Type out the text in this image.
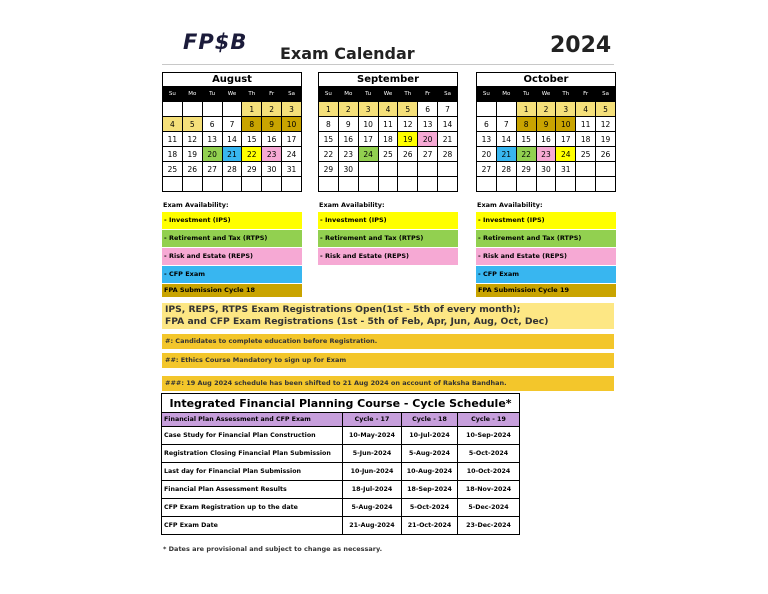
FP$B Exam Calendar	2024
August						
Su	Mo	Tu	We	Th	Fr	Sa
				1	2	3
4	5	6	7	8	9	10
11	12	13	14	15	16	17
18	19	20	21	22	23	24
25	26	27	28	29	30	31

Exam Availability:
- Investment (IPS)
- Retirement and Tax (RTPS)
- Risk and Estate (REPS)
- CFP Exam
FPA Submission Cycle 18
September						
Su	Mo	Tu	We	Th	Fr	Sa
1	2	3	4	5	6	7
8	9	10	11	12	13	14
15	16	17	18	19	20	21
22	23	24	25	26	27	28
29	30					

Exam Availability:
- Investment (IPS)
- Retirement and Tax (RTPS)
- Risk and Estate (REPS)
October						
Su	Mo	Tu	We	Th	Fr	Sa
		1	2	3	4	5
6	7	8	9	10	11	12
13	14	15	16	17	18	19
20	21	22	23	24	25	26
27	28	29	30	31		

Exam Availability:
- Investment (IPS)
- Retirement and Tax (RTPS)
- Risk and Estate (REPS)
- CFP Exam
FPA Submission Cycle 19
IPS, REPS, RTPS Exam Registrations Open(1st - 5th of every month);
FPA and CFP Exam Registrations (1st - 5th of Feb, Apr, Jun, Aug, Oct, Dec)
#: Candidates to complete education before Registration.
##: Ethics Course Mandatory to sign up for Exam
###: 19 Aug 2024 schedule has been shifted to 21 Aug 2024 on account of Raksha Bandhan.
Integrated Financial Planning Course - Cycle Schedule*			
Financial Plan Assessment and CFP Exam	Cycle - 17	Cycle - 18	Cycle - 19
Case Study for Financial Plan Construction	10-May-2024	10-Jul-2024	10-Sep-2024
Registration Closing Financial Plan Submission	5-Jun-2024	5-Aug-2024	5-Oct-2024
Last day for Financial Plan Submission	10-Jun-2024	10-Aug-2024	10-Oct-2024
Financial Plan Assessment Results	18-Jul-2024	18-Sep-2024	18-Nov-2024
CFP Exam Registration up to the date	5-Aug-2024	5-Oct-2024	5-Dec-2024
CFP Exam Date	21-Aug-2024	21-Oct-2024	23-Dec-2024
* Dates are provisional and subject to change as necessary.
